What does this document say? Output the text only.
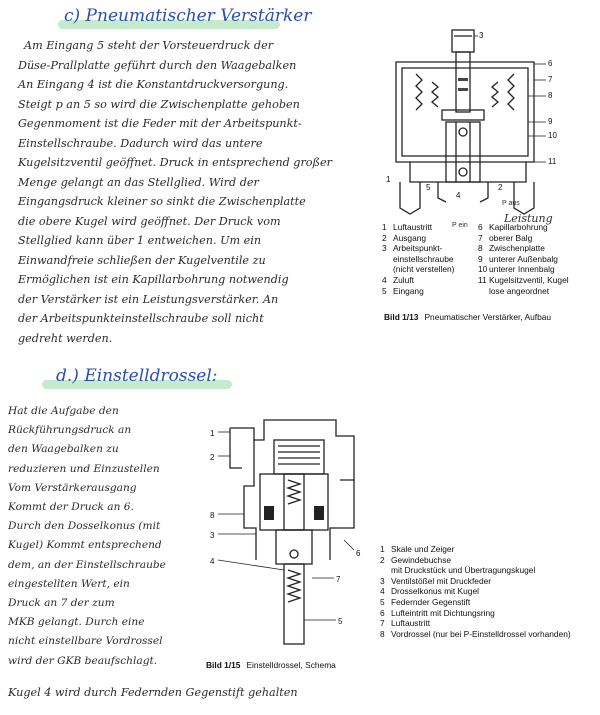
c) Pneumatischer Verstärker
Am Eingang 5 steht der Vorsteuerdruck der
Düse-Prallplatte geführt durch den Waagebalken
An Eingang 4 ist die Konstantdruckversorgung.
Steigt p an 5 so wird die Zwischenplatte gehoben
Gegenmoment ist die Feder mit der Arbeitspunkt-
Einstellschraube. Dadurch wird das untere
Kugelsitzventil geöffnet. Druck in entsprechend großer
Menge gelangt an das Stellglied. Wird der
Eingangsdruck kleiner so sinkt die Zwischenplatte
die obere Kugel wird geöffnet. Der Druck vom
Stellglied kann über 1 entweichen. Um ein
Einwandfreie schließen der Kugelventile zu
Ermöglichen ist ein Kapillarbohrung notwendig
der Verstärker ist ein Leistungsverstärker. An
der Arbeitspunkteinstellschraube soll nicht
gedreht werden.
3
6
7
8
9
10
11
1
5	2
4
P ein
P aus
Leistung
1 Luftaustritt
2 Ausgang
3 Arbeitspunkt-
einstellschraube
(nicht verstellen)
4 Zuluft
5 Eingang
6 Kapillarbohrung
7 oberer Balg
8 Zwischenplatte
9 unterer Außenbalg
10 unterer Innenbalg
11 Kugelsitzventil, Kugel
lose angeordnet
Bild 1/13 Pneumatischer Verstärker, Aufbau
d.) Einstelldrossel:
Hat die Aufgabe den
Rückführungsdruck an
den Waagebalken zu
reduzieren und Einzustellen
Vom Verstärkerausgang
Kommt der Druck an 6.
Durch den Dosselkonus (mit
Kugel) Kommt entsprechend
dem, an der Einstellschraube
eingestellten Wert, ein
Druck an 7 der zum
MKB gelangt. Durch eine
nicht einstellbare Vordrossel
wird der GKB beaufschlagt.
Kugel 4 wird durch Federnden Gegenstift gehalten
1
2
8
3
4
6
7
5
1 Skale und Zeiger
2 Gewindebuchse
mit Druckstück und Übertragungskugel
3 Ventilstößel mit Druckfeder
4 Drosselkonus mit Kugel
5 Federnder Gegenstift
6 Lufteintritt mit Dichtungsring
7 Luftaustritt
8 Vordrossel (nur bei P-Einstelldrossel vorhanden)
Bild 1/15 Einstelldrossel, Schema
